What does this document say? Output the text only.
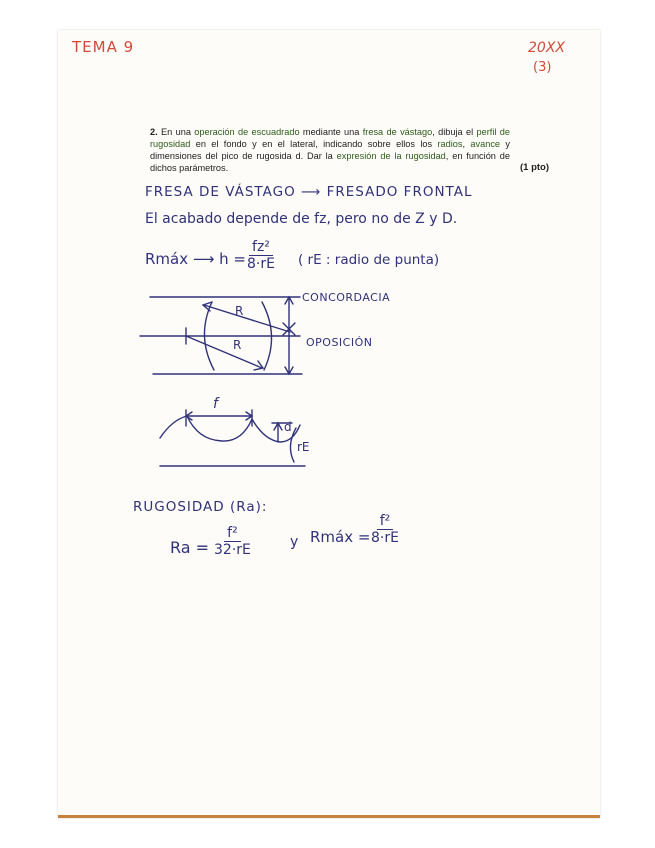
TEMA 9	20XX
(3)
2. En una operación de escuadrado mediante una fresa de vástago, dibuja el perfil de rugosidad en el fondo y en el lateral, indicando sobre ellos los radios, avance y dimensiones del pico de rugosida d. Dar la expresión de la rugosidad, en función de dichos parámetros.	(1 pto)
FRESA DE VÁSTAGO ⟶ FRESADO FRONTAL
El acabado depende de fz, pero no de Z y D.
Rmáx ⟶ h =
$\frac{\text{fz²}}{8\cdot rE}$ ( rE : radio de punta)
R
R
CONCORDACIA
OPOSICIÓN
f
d
rE
RUGOSIDAD (Ra):
$Ra = \frac{\text{f²}}{32\cdot rE}$	y Rmáx =
$\frac{\text{f²}}{8\cdot rE}$
